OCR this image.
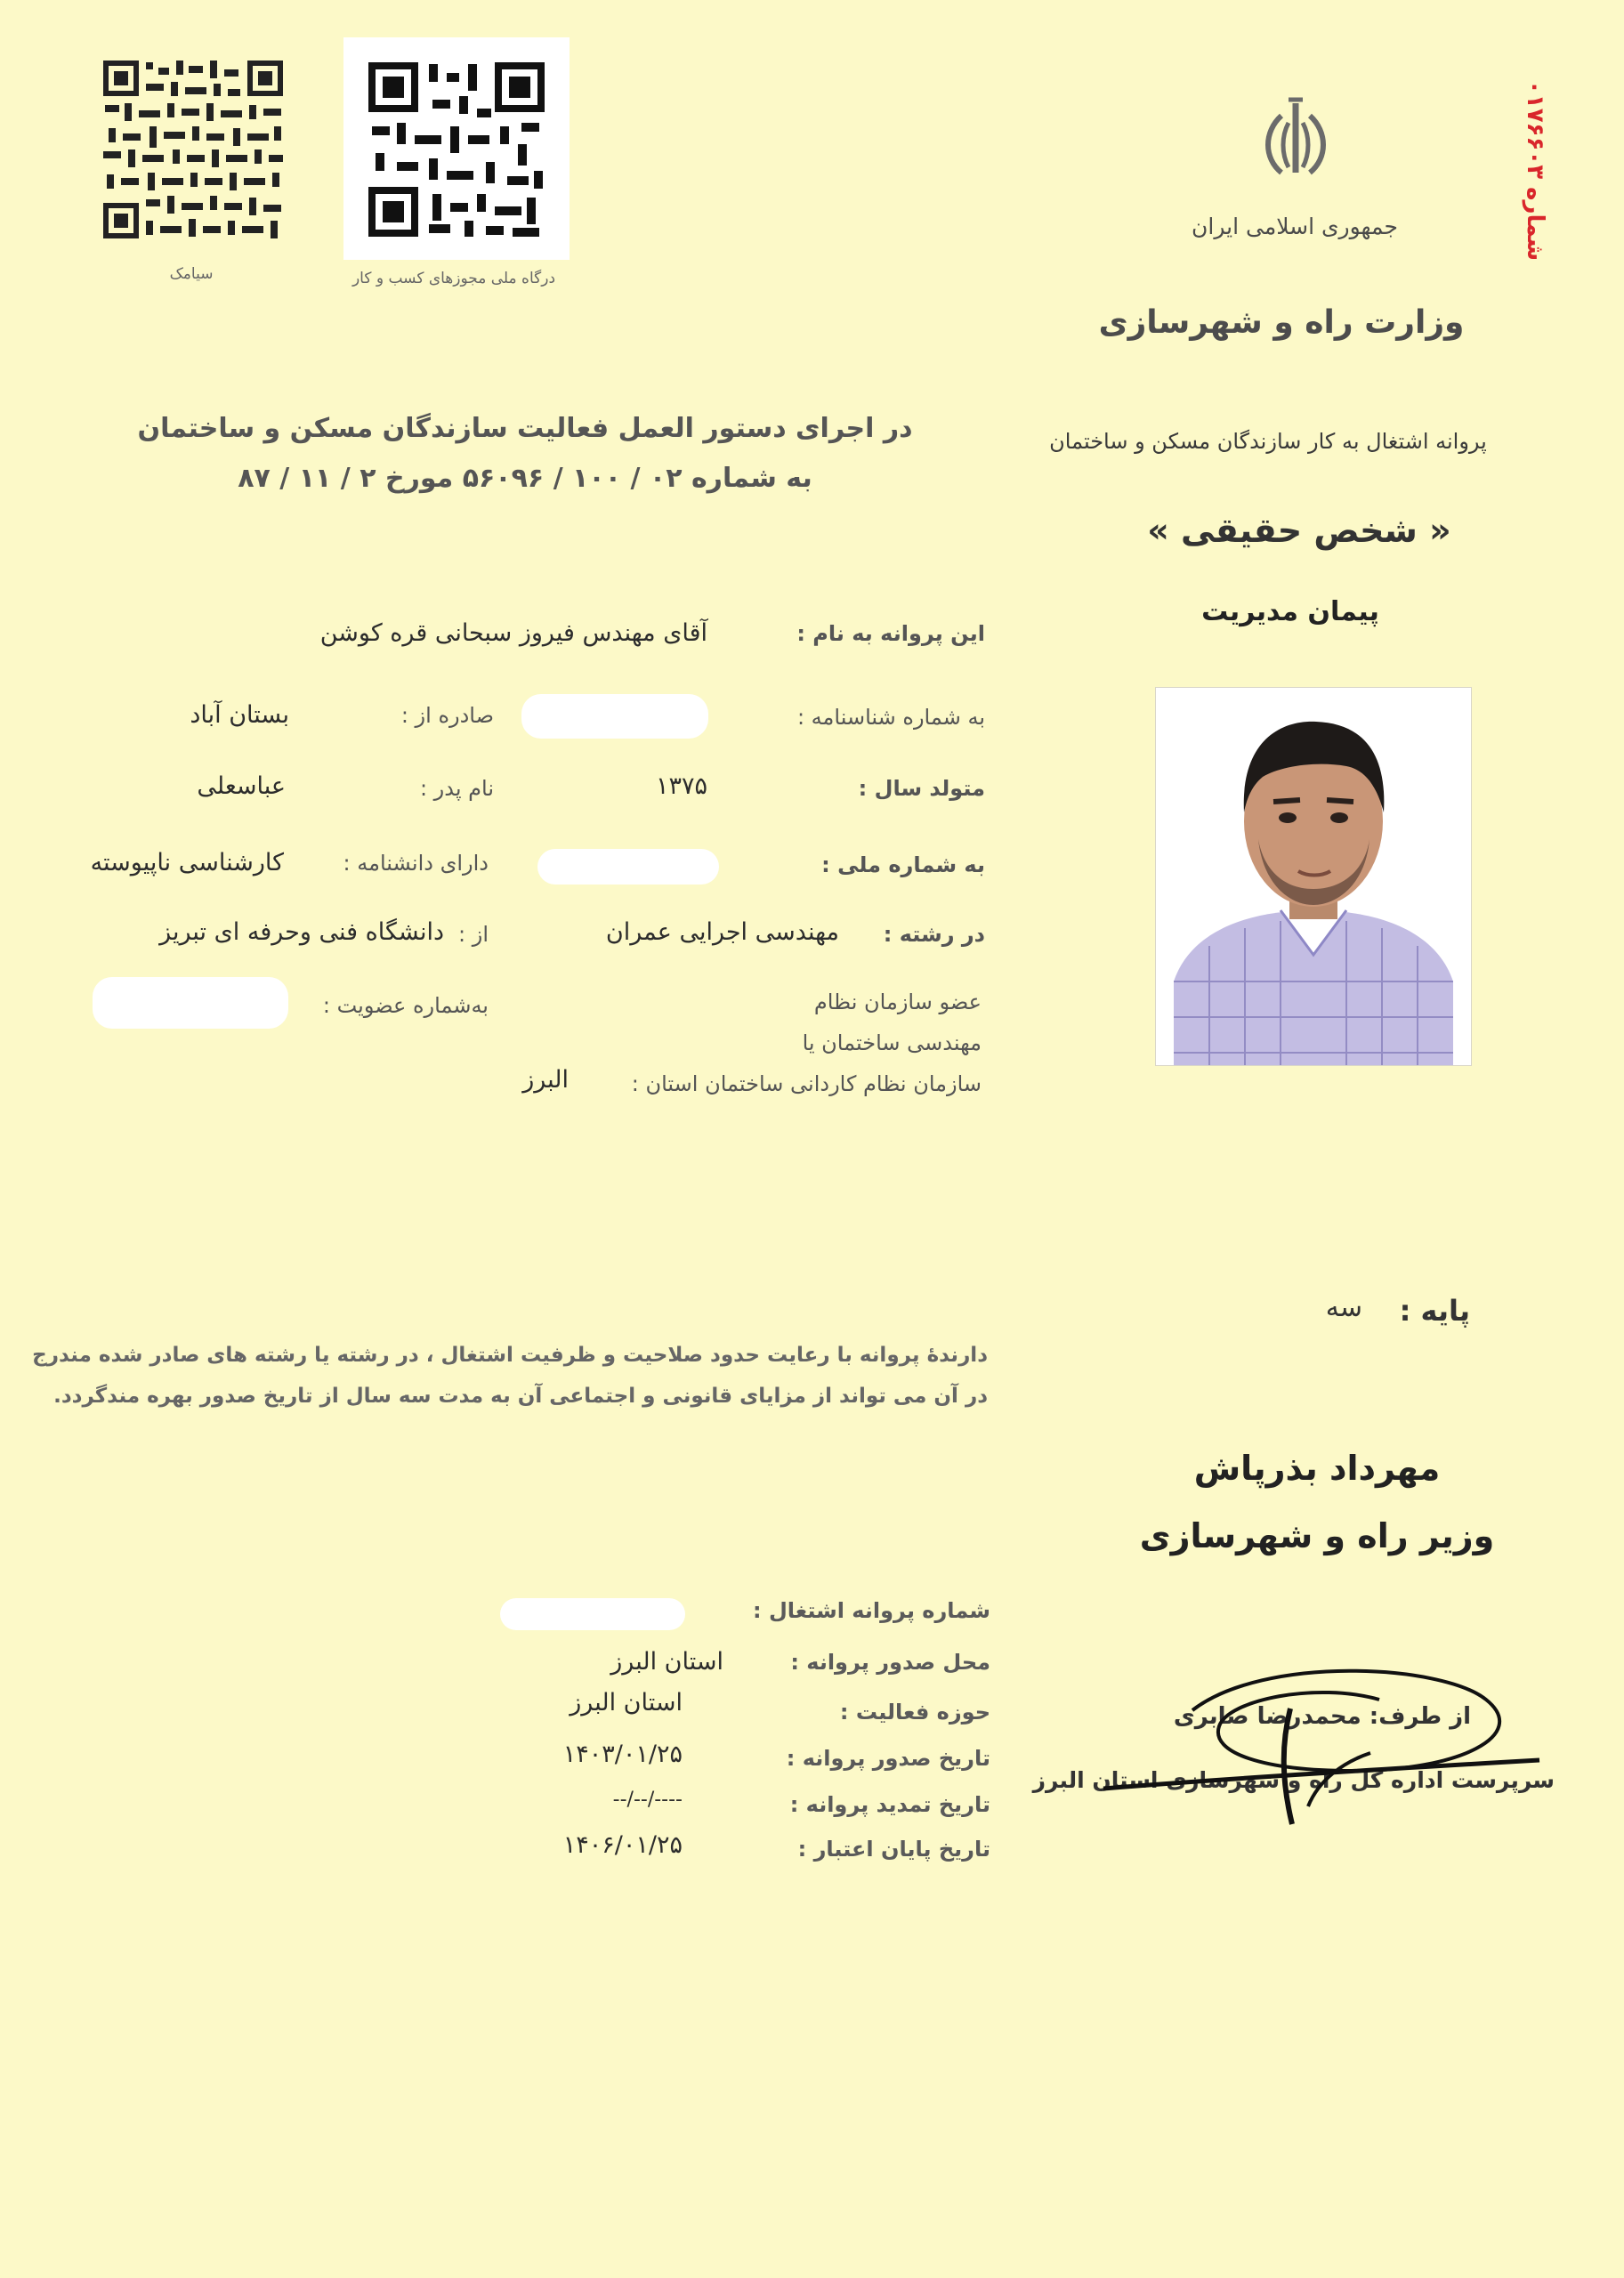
شماره ۰۱۷۶۶۰۳
جمهوری اسلامی ایران
درگاه ملی مجوزهای کسب و کار
سیامک
وزارت راه و شهرسازی
پروانه اشتغال به کار سازندگان مسکن و ساختمان
« شخص حقیقی »
پیمان مدیریت
در اجرای دستور العمل فعالیت سازندگان مسکن و ساختمان
به شماره ۰۲ / ۱۰۰ / ۵۶۰۹۶ مورخ ۲ / ۱۱ / ۸۷
این پروانه به نام :
آقای مهندس فیروز سبحانی قره کوشن
به شماره شناسنامه :
صادره از :
بستان آباد
متولد سال :
۱۳۷۵
نام پدر :
عباسعلی
به شماره ملی :
دارای دانشنامه :
کارشناسی ناپیوسته
در رشته :
مهندسی اجرایی عمران
از :
دانشگاه فنی وحرفه ای تبریز
عضو سازمان نظام
مهندسی ساختمان یا
سازمان نظام کاردانی ساختمان استان :
البرز
به‌شماره عضویت :
پایه :
سه
دارندهٔ پروانه با رعایت حدود صلاحیت و ظرفیت اشتغال ، در رشته یا رشته های صادر شده مندرج
در آن می تواند از مزایای قانونی و اجتماعی آن به مدت سه سال از تاریخ صدور بهره مندگردد.
مهرداد بذرپاش
وزیر راه و شهرسازی
شماره پروانه اشتغال :
محل صدور پروانه :
استان البرز
حوزه فعالیت :
استان البرز
تاریخ صدور پروانه :
۱۴۰۳/۰۱/۲۵
تاریخ تمدید پروانه :
----/--/--
تاریخ پایان اعتبار :
۱۴۰۶/۰۱/۲۵
از طرف: محمدرضا صابری
سرپرست اداره کل راه و شهرسازی استان البرز
